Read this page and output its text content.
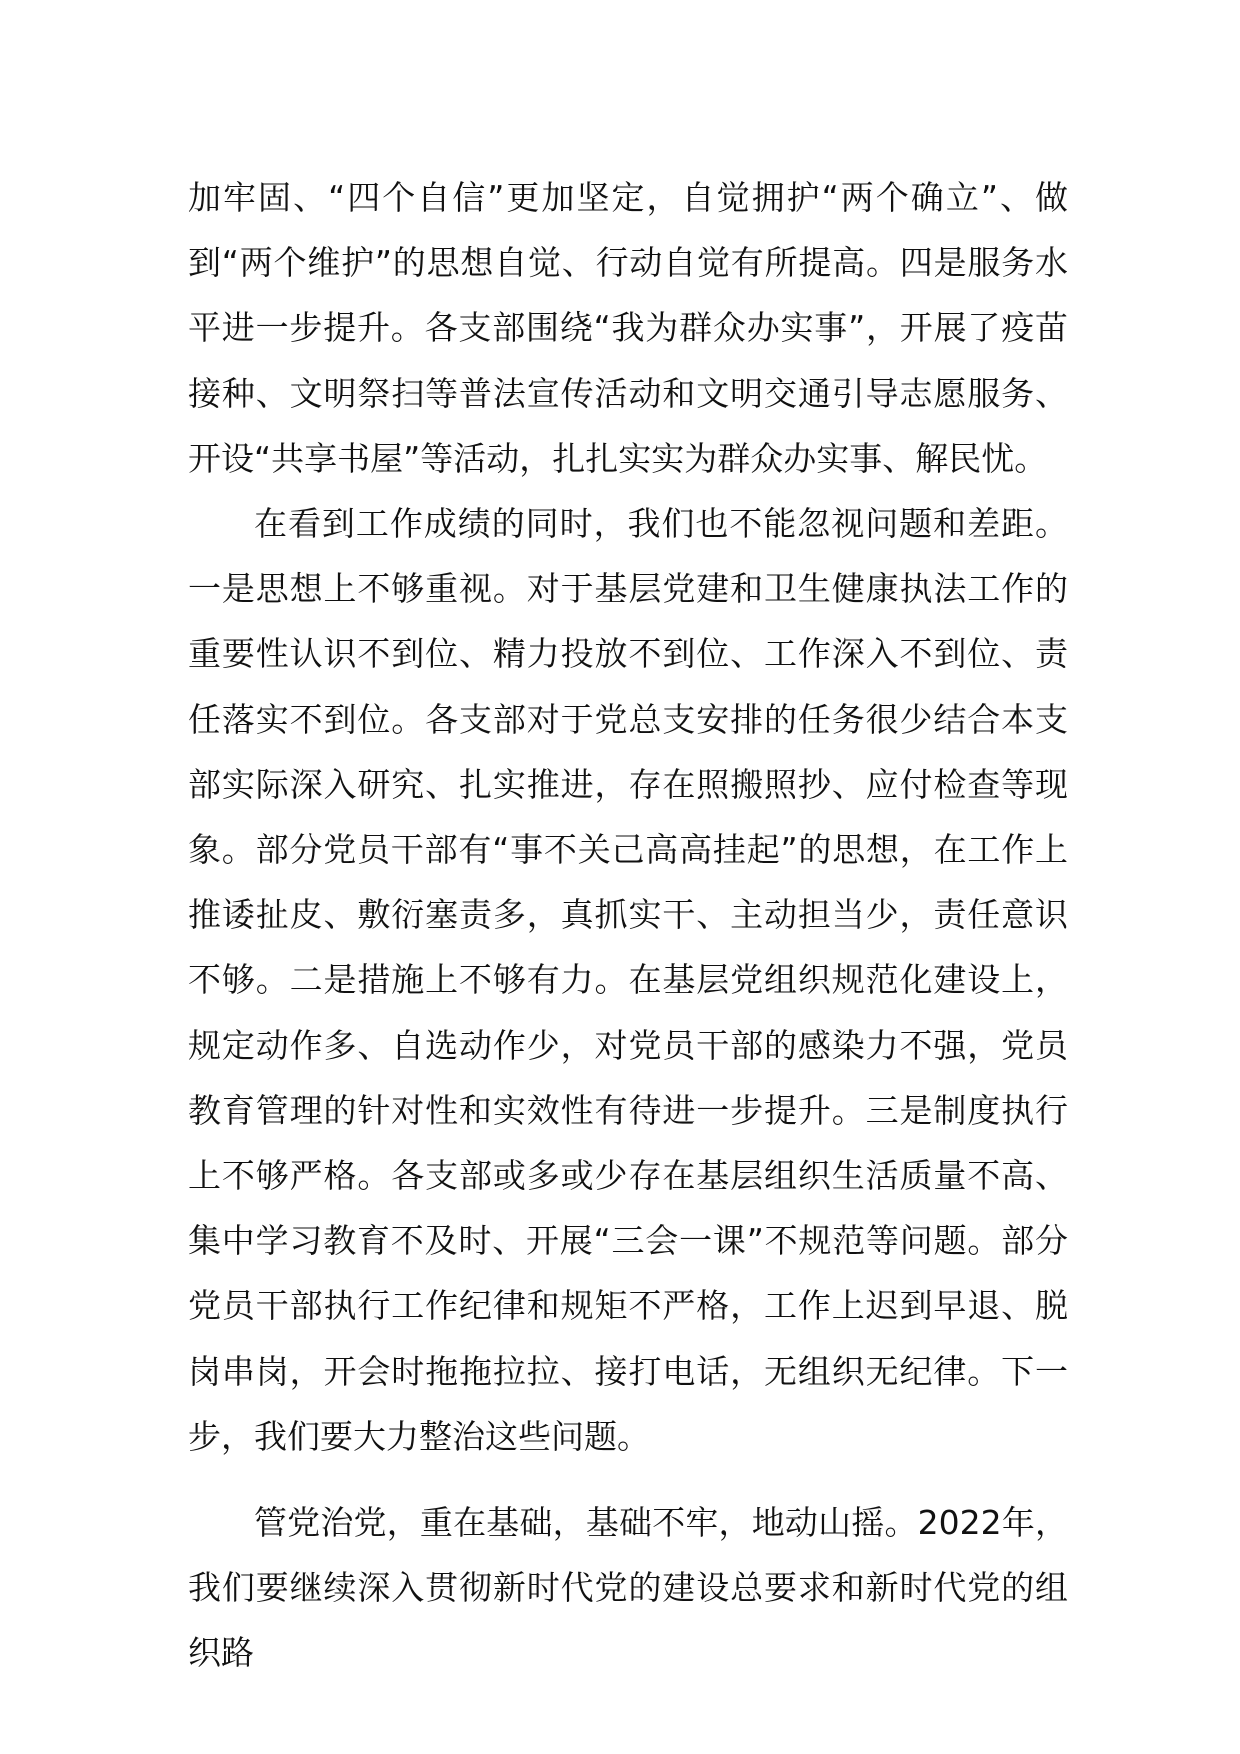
加牢固、“四个自信”更加坚定，自觉拥护“两个确立”、做到“两个维护”的思想自觉、行动自觉有所提高。四是服务水平进一步提升。各支部围绕“我为群众办实事”，开展了疫苗接种、文明祭扫等普法宣传活动和文明交通引导志愿服务、开设“共享书屋”等活动，扎扎实实为群众办实事、解民忧。

在看到工作成绩的同时，我们也不能忽视问题和差距。一是思想上不够重视。对于基层党建和卫生健康执法工作的重要性认识不到位、精力投放不到位、工作深入不到位、责任落实不到位。各支部对于党总支安排的任务很少结合本支部实际深入研究、扎实推进，存在照搬照抄、应付检查等现象。部分党员干部有“事不关己高高挂起”的思想，在工作上推诿扯皮、敷衍塞责多，真抓实干、主动担当少，责任意识不够。二是措施上不够有力。在基层党组织规范化建设上，规定动作多、自选动作少，对党员干部的感染力不强，党员教育管理的针对性和实效性有待进一步提升。三是制度执行上不够严格。各支部或多或少存在基层组织生活质量不高、集中学习教育不及时、开展“三会一课”不规范等问题。部分党员干部执行工作纪律和规矩不严格，工作上迟到早退、脱岗串岗，开会时拖拖拉拉、接打电话，无组织无纪律。下一步，我们要大力整治这些问题。

管党治党，重在基础，基础不牢，地动山摇。2022年，我们要继续深入贯彻新时代党的建设总要求和新时代党的组织路
